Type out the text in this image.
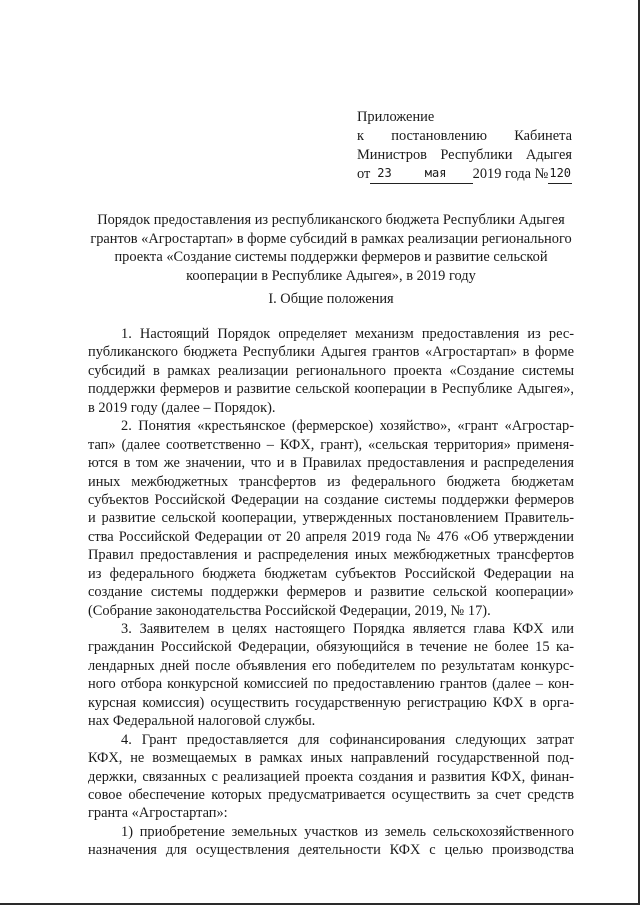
Приложение
к постановлению Кабинета
Министров Республики Адыгея
от 23	мая	2019 года № 120
Порядок предоставления из республиканского бюджета Республики Адыгея
грантов «Агростартап» в форме субсидий в рамках реализации регионального
проекта «Создание системы поддержки фермеров и развитие сельской
кооперации в Республике Адыгея», в 2019 году
I. Общие положения
1. Настоящий Порядок определяет механизм предоставления из рес-
публиканского бюджета Республики Адыгея грантов «Агростартап» в форме
субсидий в рамках реализации регионального проекта «Создание системы
поддержки фермеров и развитие сельской кооперации в Республике Адыгея»,
в 2019 году (далее – Порядок).
2. Понятия «крестьянское (фермерское) хозяйство», «грант «Агростар-
тап» (далее соответственно – КФХ, грант), «сельская территория» применя-
ются в том же значении, что и в Правилах предоставления и распределения
иных межбюджетных трансфертов из федерального бюджета бюджетам
субъектов Российской Федерации на создание системы поддержки фермеров
и развитие сельской кооперации, утвержденных постановлением Правитель-
ства Российской Федерации от 20 апреля 2019 года № 476 «Об утверждении
Правил предоставления и распределения иных межбюджетных трансфертов
из федерального бюджета бюджетам субъектов Российской Федерации на
создание системы поддержки фермеров и развитие сельской кооперации»
(Собрание законодательства Российской Федерации, 2019, № 17).
3. Заявителем в целях настоящего Порядка является глава КФХ или
гражданин Российской Федерации, обязующийся в течение не более 15 ка-
лендарных дней после объявления его победителем по результатам конкурс-
ного отбора конкурсной комиссией по предоставлению грантов (далее – кон-
курсная комиссия) осуществить государственную регистрацию КФХ в орга-
нах Федеральной налоговой службы.
4. Грант предоставляется для софинансирования следующих затрат
КФХ, не возмещаемых в рамках иных направлений государственной под-
держки, связанных с реализацией проекта создания и развития КФХ, финан-
совое обеспечение которых предусматривается осуществить за счет средств
гранта «Агростартап»:
1) приобретение земельных участков из земель сельскохозяйственного
назначения для осуществления деятельности КФХ с целью производства
